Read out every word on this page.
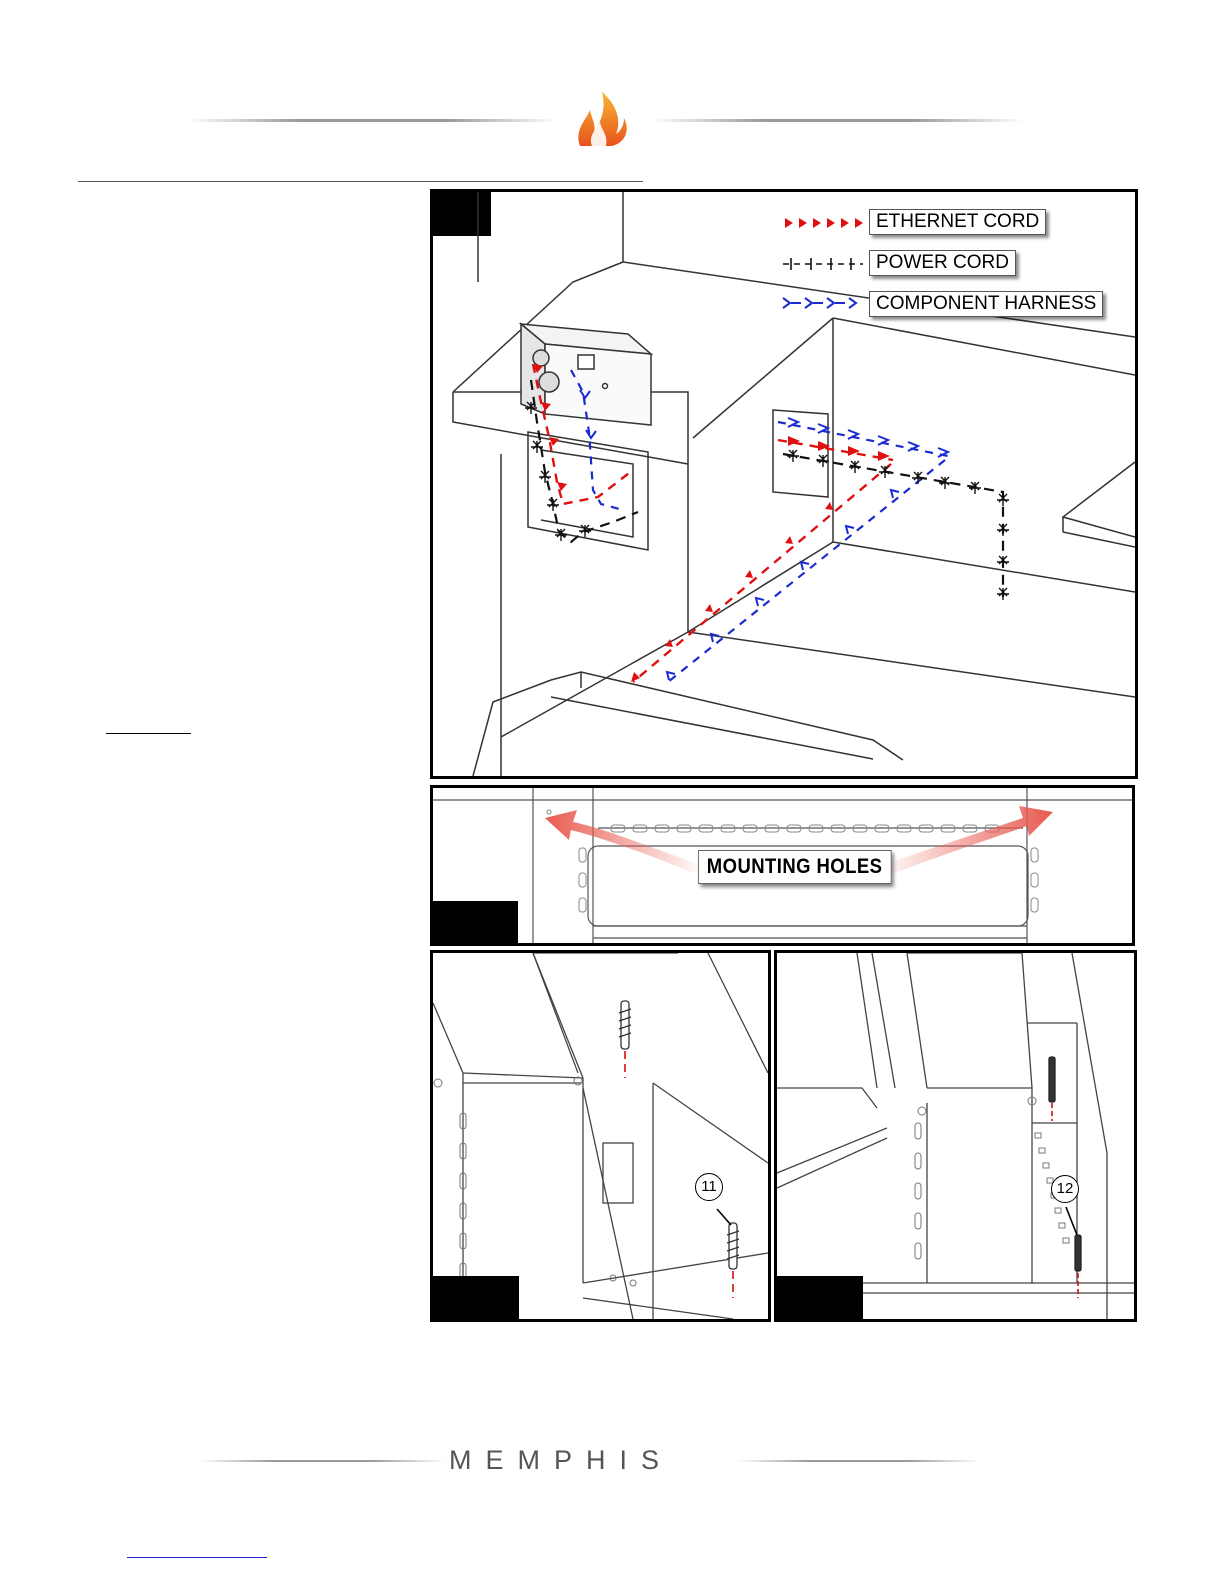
ETHERNET CORD
POWER CORD
COMPONENT HARNESS
MOUNTING HOLES
11	12
MEMPHIS
